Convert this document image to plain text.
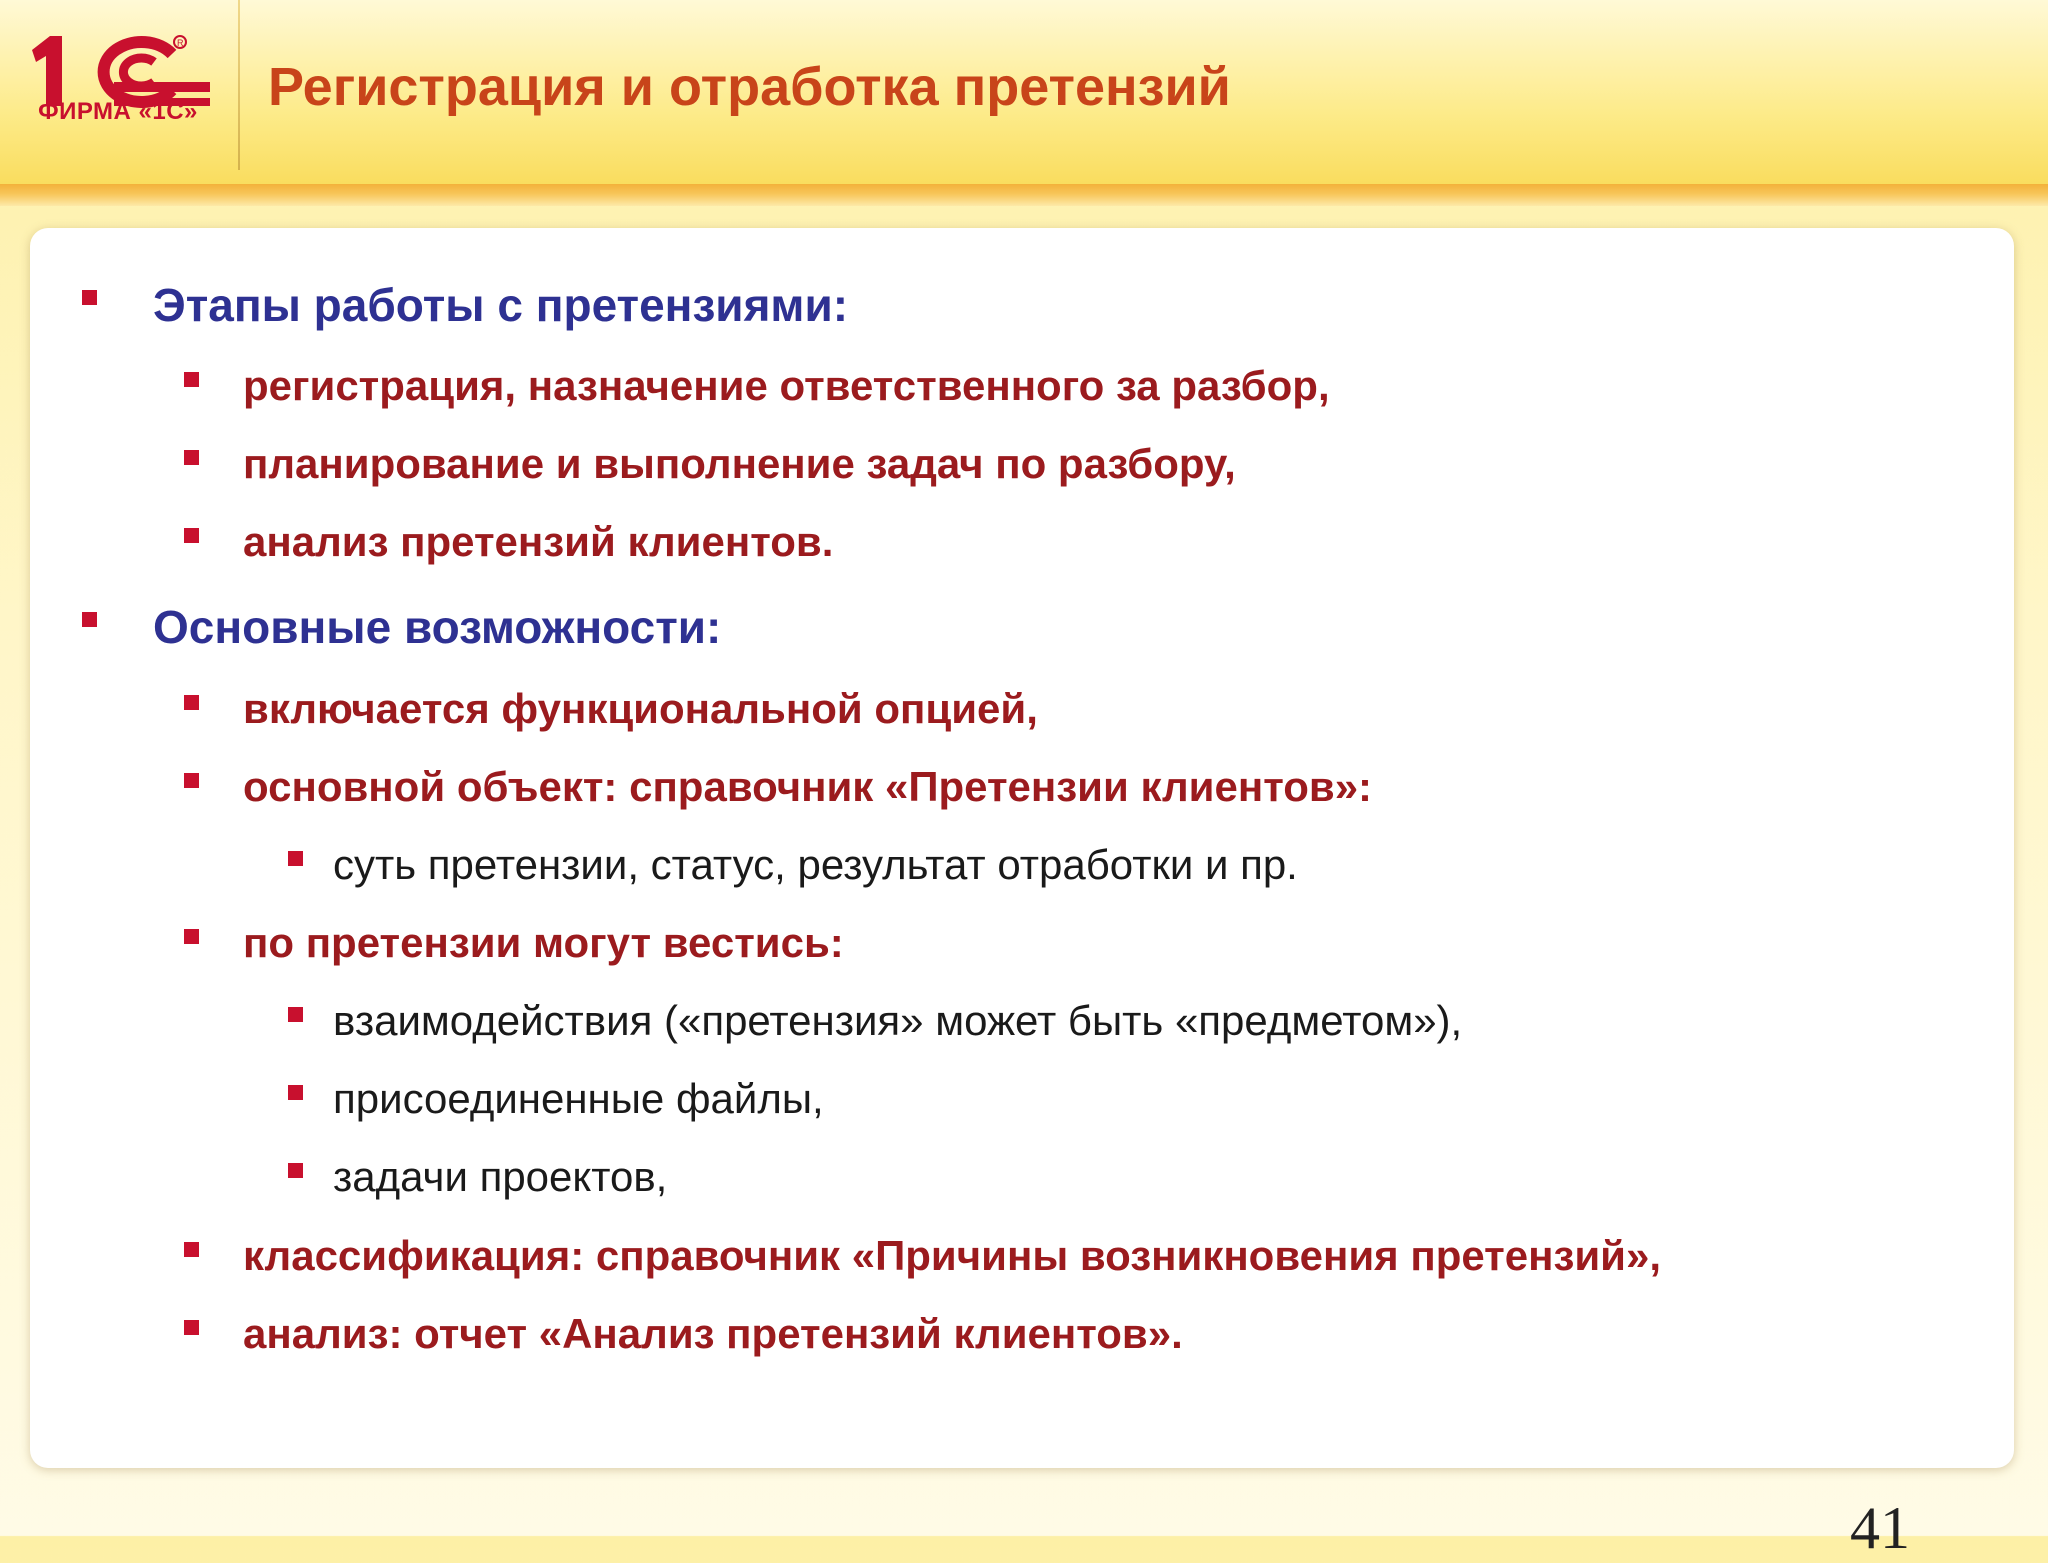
R
ФИРМА «1С»	Регистрация и отработка претензий
Этапы работы с претензиями:
регистрация, назначение ответственного за разбор,
планирование и выполнение задач по разбору,
анализ претензий клиентов.
Основные возможности:
включается функциональной опцией,
основной объект: справочник «Претензии клиентов»:
суть претензии, статус, результат отработки и пр.
по претензии могут вестись:
взаимодействия («претензия» может быть «предметом»),
присоединенные файлы,
задачи проектов,
классификация: справочник «Причины возникновения претензий»,
анализ: отчет «Анализ претензий клиентов».
41
